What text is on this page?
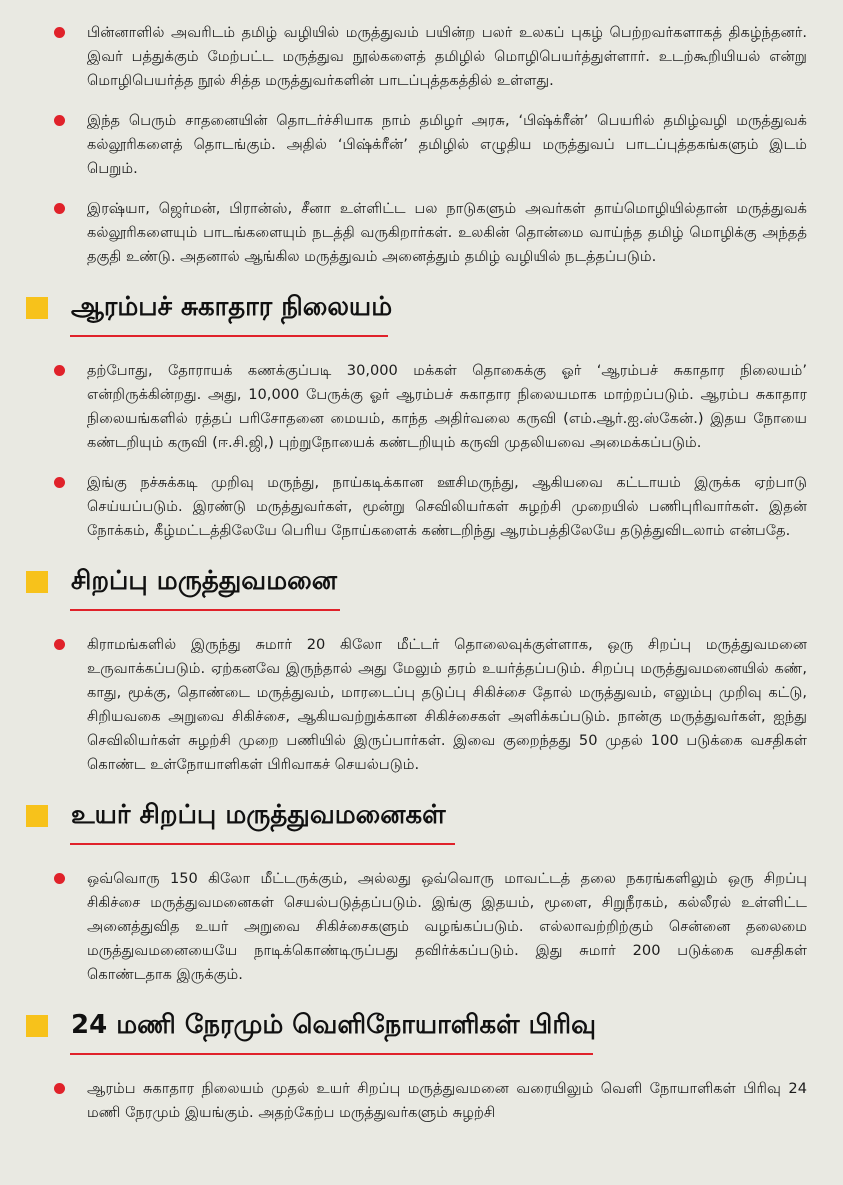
பின்னாளில் அவரிடம் தமிழ் வழியில் மருத்துவம் பயின்ற பலர் உலகப் புகழ் பெற்றவர்களாகத் திகழ்ந்தனர். இவர் பத்துக்கும் மேற்பட்ட மருத்துவ நூல்களைத் தமிழில் மொழிபெயர்த்துள்ளார். உடற்கூறியியல் என்று மொழிபெயர்த்த நூல் சித்த மருத்துவர்களின் பாடப்புத்தகத்தில் உள்ளது.
இந்த பெரும் சாதனையின் தொடர்ச்சியாக நாம் தமிழர் அரசு, ‘பிஷ்க்ரீன்’ பெயரில் தமிழ்வழி மருத்துவக் கல்லூரிகளைத் தொடங்கும். அதில் ‘பிஷ்க்ரீன்’ தமிழில் எழுதிய மருத்துவப் பாடப்புத்தகங்களும் இடம் பெறும்.
இரஷ்யா, ஜெர்மன், பிரான்ஸ், சீனா உள்ளிட்ட பல நாடுகளும் அவர்கள் தாய்மொழியில்தான் மருத்துவக் கல்லூரிகளையும் பாடங்களையும் நடத்தி வருகிறார்கள். உலகின் தொன்மை வாய்ந்த தமிழ் மொழிக்கு அந்தத் தகுதி உண்டு. அதனால் ஆங்கில மருத்துவம் அனைத்தும் தமிழ் வழியில் நடத்தப்படும்.
ஆரம்பச் சுகாதார நிலையம்
தற்போது, தோராயக் கணக்குப்படி 30,000 மக்கள் தொகைக்கு ஓர் ‘ஆரம்பச் சுகாதார நிலையம்’ என்றிருக்கின்றது. அது, 10,000 பேருக்கு ஓர் ஆரம்பச் சுகாதார நிலையமாக மாற்றப்படும். ஆரம்ப சுகாதார நிலையங்களில் ரத்தப் பரிசோதனை மையம், காந்த அதிர்வலை கருவி (எம்.ஆர்.ஐ.ஸ்கேன்.) இதய நோயை கண்டறியும் கருவி (ஈ.சி.ஜி,) புற்றுநோயைக் கண்டறியும் கருவி முதலியவை அமைக்கப்படும்.
இங்கு நச்சுக்கடி முறிவு மருந்து, நாய்கடிக்கான ஊசிமருந்து, ஆகியவை கட்டாயம் இருக்க ஏற்பாடு செய்யப்படும். இரண்டு மருத்துவர்கள், மூன்று செவிலியர்கள் சுழற்சி முறையில் பணிபுரிவார்கள். இதன் நோக்கம், கீழ்மட்டத்திலேயே பெரிய நோய்களைக் கண்டறிந்து ஆரம்பத்திலேயே தடுத்துவிடலாம் என்பதே.
சிறப்பு மருத்துவமனை
கிராமங்களில் இருந்து சுமார் 20 கிலோ மீட்டர் தொலைவுக்குள்ளாக, ஒரு சிறப்பு மருத்துவமனை உருவாக்கப்படும். ஏற்கனவே இருந்தால் அது மேலும் தரம் உயர்த்தப்படும். சிறப்பு மருத்துவமனையில் கண், காது, மூக்கு, தொண்டை மருத்துவம், மாரடைப்பு தடுப்பு சிகிச்சை தோல் மருத்துவம், எலும்பு முறிவு கட்டு, சிறியவகை அறுவை சிகிச்சை, ஆகியவற்றுக்கான சிகிச்சைகள் அளிக்கப்படும். நான்கு மருத்துவர்கள், ஐந்து செவிலியர்கள் சுழற்சி முறை பணியில் இருப்பார்கள். இவை குறைந்தது 50 முதல் 100 படுக்கை வசதிகள் கொண்ட உள்நோயாளிகள் பிரிவாகச் செயல்படும்.
உயர் சிறப்பு மருத்துவமனைகள்
ஒவ்வொரு 150 கிலோ மீட்டருக்கும், அல்லது ஒவ்வொரு மாவட்டத் தலை நகரங்களிலும் ஒரு சிறப்பு சிகிச்சை மருத்துவமனைகள் செயல்படுத்தப்படும். இங்கு இதயம், மூளை, சிறுநீரகம், கல்லீரல் உள்ளிட்ட அனைத்துவித உயர் அறுவை சிகிச்சைகளும் வழங்கப்படும். எல்லாவற்றிற்கும் சென்னை தலைமை மருத்துவமனையையே நாடிக்கொண்டிருப்பது தவிர்க்கப்படும். இது சுமார் 200 படுக்கை வசதிகள் கொண்டதாக இருக்கும்.
24 மணி நேரமும் வெளிநோயாளிகள் பிரிவு
ஆரம்ப சுகாதார நிலையம் முதல் உயர் சிறப்பு மருத்துவமனை வரையிலும் வெளி நோயாளிகள் பிரிவு 24 மணி நேரமும் இயங்கும். அதற்கேற்ப மருத்துவர்களும் சுழற்சி
